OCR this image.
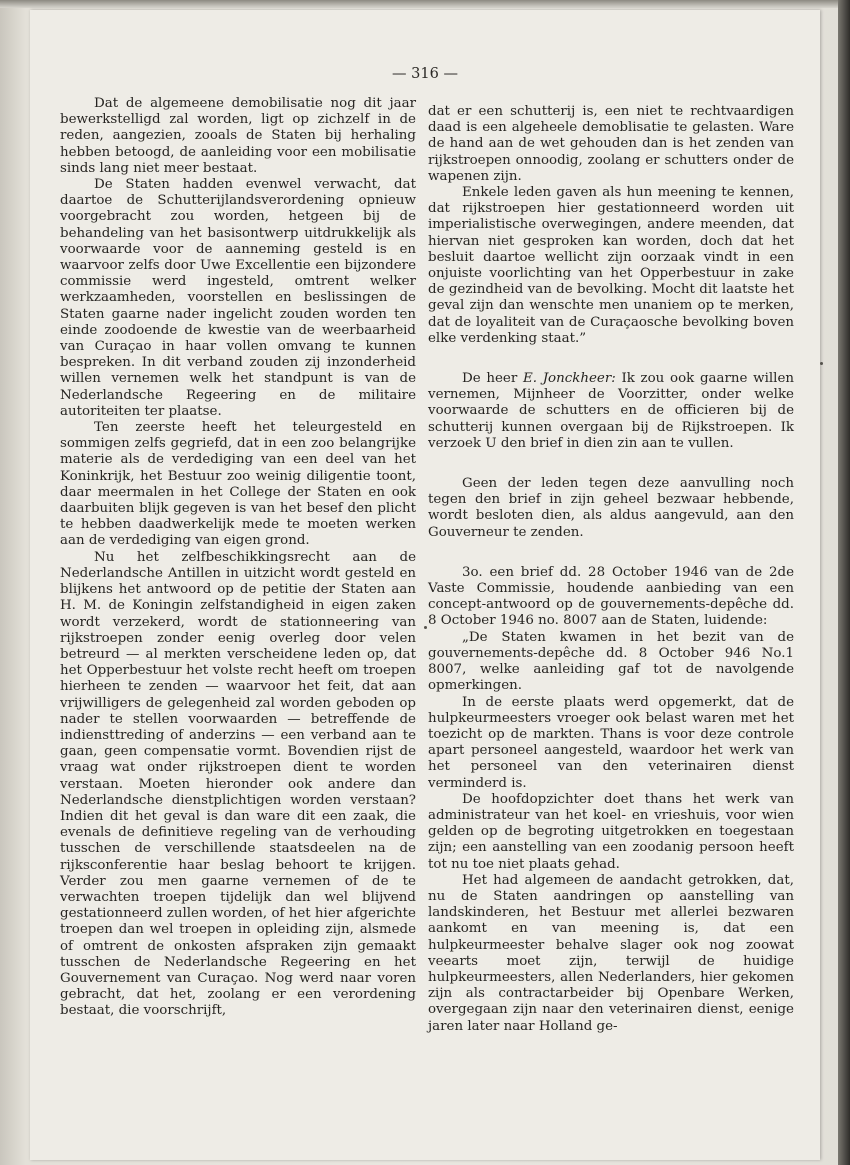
— 316 —

Dat de algemeene demobilisatie nog dit jaar bewerkstelligd zal worden, ligt op zichzelf in de reden, aangezien, zooals de Staten bij herhaling hebben betoogd, de aanleiding voor een mobilisatie sinds lang niet meer bestaat.

De Staten hadden evenwel verwacht, dat daartoe de Schutterijlandsverordening opnieuw voorgebracht zou worden, hetgeen bij de behandeling van het basisontwerp uitdrukkelijk als voorwaarde voor de aanneming gesteld is en waarvoor zelfs door Uwe Excellentie een bijzondere commissie werd ingesteld, omtrent welker werkzaamheden, voorstellen en beslissingen de Staten gaarne nader ingelicht zouden worden ten einde zoodoende de kwestie van de weerbaarheid van Curaçao in haar vollen omvang te kunnen bespreken. In dit verband zouden zij inzonderheid willen vernemen welk het standpunt is van de Nederlandsche Regeering en de militaire autoriteiten ter plaatse.

Ten zeerste heeft het teleurgesteld en sommigen zelfs gegriefd, dat in een zoo belangrijke materie als de verdediging van een deel van het Koninkrijk, het Bestuur zoo weinig diligentie toont, daar meermalen in het College der Staten en ook daarbuiten blijk gegeven is van het besef den plicht te hebben daadwerkelijk mede te moeten werken aan de verdediging van eigen grond.

Nu het zelfbeschikkingsrecht aan de Nederlandsche Antillen in uitzicht wordt gesteld en blijkens het antwoord op de petitie der Staten aan H. M. de Koningin zelfstandigheid in eigen zaken wordt verzekerd, wordt de stationneering van rijkstroepen zonder eenig overleg door velen betreurd — al merkten verscheidene leden op, dat het Opperbestuur het volste recht heeft om troepen hierheen te zenden — waarvoor het feit, dat aan vrijwilligers de gelegenheid zal worden geboden op nader te stellen voorwaarden — betreffende de indiensttreding of anderzins — een verband aan te gaan, geen compensatie vormt. Bovendien rijst de vraag wat onder rijkstroepen dient te worden verstaan. Moeten hieronder ook andere dan Nederlandsche dienstplichtigen worden verstaan? Indien dit het geval is dan ware dit een zaak, die evenals de definitieve regeling van de verhouding tusschen de verschillende staatsdeelen na de rijksconferentie haar beslag behoort te krijgen. Verder zou men gaarne vernemen of de te verwachten troepen tijdelijk dan wel blijvend gestationneerd zullen worden, of het hier afgerichte troepen dan wel troepen in opleiding zijn, alsmede of omtrent de onkosten afspraken zijn gemaakt tusschen de Nederlandsche Regeering en het Gouvernement van Curaçao. Nog werd naar voren gebracht, dat het, zoolang er een verordening bestaat, die voorschrijft,

dat er een schutterij is, een niet te rechtvaardigen daad is een algeheele demoblisatie te gelasten. Ware de hand aan de wet gehouden dan is het zenden van rijkstroepen onnoodig, zoolang er schutters onder de wapenen zijn.

Enkele leden gaven als hun meening te kennen, dat rijkstroepen hier gestationneerd worden uit imperialistische overwegingen, andere meenden, dat hiervan niet gesproken kan worden, doch dat het besluit daartoe wellicht zijn oorzaak vindt in een onjuiste voorlichting van het Opperbestuur in zake de gezindheid van de bevolking. Mocht dit laatste het geval zijn dan wenschte men unaniem op te merken, dat de loyaliteit van de Curaçaosche bevolking boven elke verdenking staat.”

De heer E. Jonckheer: Ik zou ook gaarne willen vernemen, Mijnheer de Voorzitter, onder welke voorwaarde de schutters en de officieren bij de schutterij kunnen overgaan bij de Rijkstroepen. Ik verzoek U den brief in dien zin aan te vullen.

Geen der leden tegen deze aanvulling noch tegen den brief in zijn geheel bezwaar hebbende, wordt besloten dien, als aldus aangevuld, aan den Gouverneur te zenden.

3o. een brief dd. 28 October 1946 van de 2de Vaste Commissie, houdende aanbieding van een concept-antwoord op de gouvernements-depêche dd. 8 October 1946 no. 8007 aan de Staten, luidende:

„De Staten kwamen in het bezit van de gouvernements-depêche dd. 8 October 946 No.1 8007, welke aanleiding gaf tot de navolgende opmerkingen.

In de eerste plaats werd opgemerkt, dat de hulpkeurmeesters vroeger ook belast waren met het toezicht op de markten. Thans is voor deze controle apart personeel aangesteld, waardoor het werk van het personeel van den veterinairen dienst verminderd is.

De hoofdopzichter doet thans het werk van administrateur van het koel- en vrieshuis, voor wien gelden op de begroting uitgetrokken en toegestaan zijn; een aanstelling van een zoodanig persoon heeft tot nu toe niet plaats gehad.

Het had algemeen de aandacht getrokken, dat, nu de Staten aandringen op aanstelling van landskinderen, het Bestuur met allerlei bezwaren aankomt en van meening is, dat een hulpkeurmeester behalve slager ook nog zoowat veearts moet zijn, terwijl de huidige hulpkeurmeesters, allen Nederlanders, hier gekomen zijn als contractarbeider bij Openbare Werken, overgegaan zijn naar den veterinairen dienst, eenige jaren later naar Holland ge-
